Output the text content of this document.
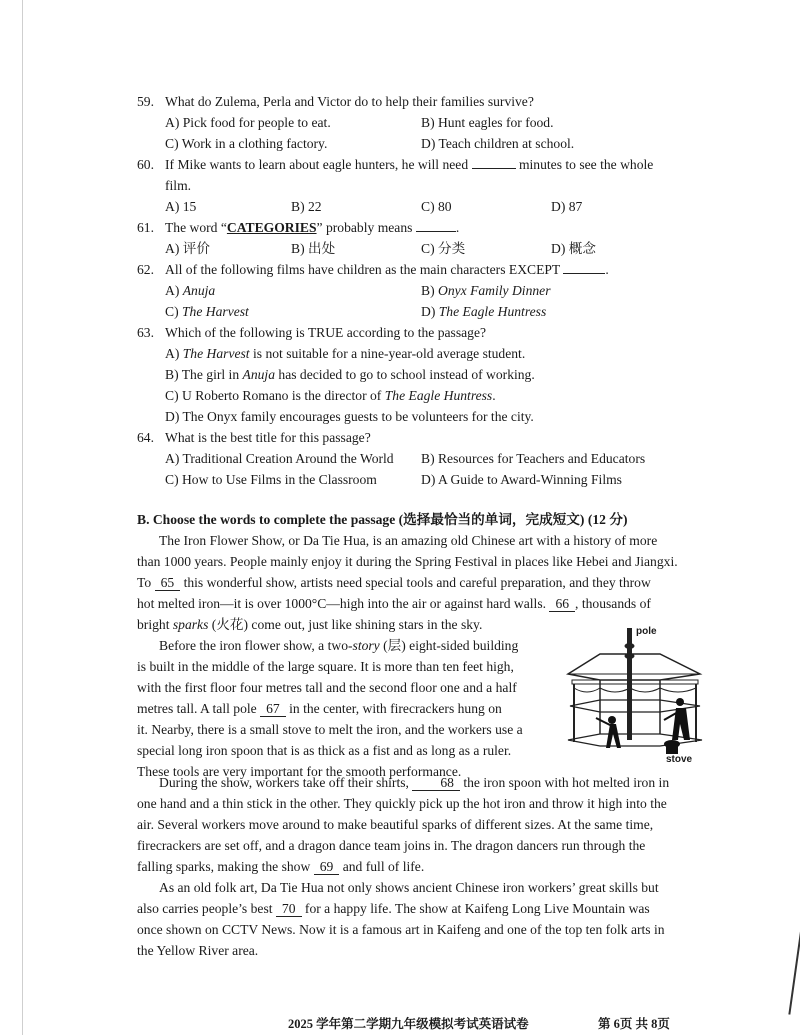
59. What do Zulema, Perla and Victor do to help their families survive?
A) Pick food for people to eat.	B) Hunt eagles for food.
C) Work in a clothing factory.	D) Teach children at school.
60. If Mike wants to learn about eagle hunters, he will need	minutes to see the whole
film.
A) 15	B) 22	C) 80	D) 87
61. The word “CATEGORIES” probably means	.
A) 评价	B) 出处	C) 分类	D) 概念
62. All of the following films have children as the main characters EXCEPT	.
A) Anuja	B) Onyx Family Dinner
C) The Harvest	D) The Eagle Huntress
63. Which of the following is TRUE according to the passage?
A) The Harvest is not suitable for a nine-year-old average student.
B) The girl in Anuja has decided to go to school instead of working.
C) U Roberto Romano is the director of The Eagle Huntress.
D) The Onyx family encourages guests to be volunteers for the city.
64. What is the best title for this passage?
A) Traditional Creation Around the World B) Resources for Teachers and Educators
C) How to Use Films in the Classroom	D) A Guide to Award-Winning Films
B. Choose the words to complete the passage (选择最恰当的单词，完成短文) (12 分)
The Iron Flower Show, or Da Tie Hua, is an amazing old Chinese art with a history of more
than 1000 years. People mainly enjoy it during the Spring Festival in places like Hebei and Jiangxi.
To 65 this wonderful show, artists need special tools and careful preparation, and they throw
hot melted iron—it is over 1000°C—high into the air or against hard walls. 66 , thousands of
bright sparks (火花) come out, just like shining stars in the sky.
Before the iron flower show, a two-story (层) eight-sided building
is built in the middle of the large square. It is more than ten feet high,
with the first floor four metres tall and the second floor one and a half
metres tall. A tall pole 67 in the center, with firecrackers hung on
it. Nearby, there is a small stove to melt the iron, and the workers use a
special long iron spoon that is as thick as a fist and as long as a ruler.
These tools are very important for the smooth performance.
pole
stove
During the show, workers take off their shirts, 68 the iron spoon with hot melted iron in
one hand and a thin stick in the other. They quickly pick up the hot iron and throw it high into the
air. Several workers move around to make beautiful sparks of different sizes. At the same time,
firecrackers are set off, and a dragon dance team joins in. The dragon dancers run through the
falling sparks, making the show 69 and full of life.
As an old folk art, Da Tie Hua not only shows ancient Chinese iron workers’ great skills but
also carries people’s best 70 for a happy life. The show at Kaifeng Long Live Mountain was
once shown on CCTV News. Now it is a famous art in Kaifeng and one of the top ten folk arts in
the Yellow River area.
2025 学年第二学期九年级模拟考试英语试卷	第 6页 共 8页
